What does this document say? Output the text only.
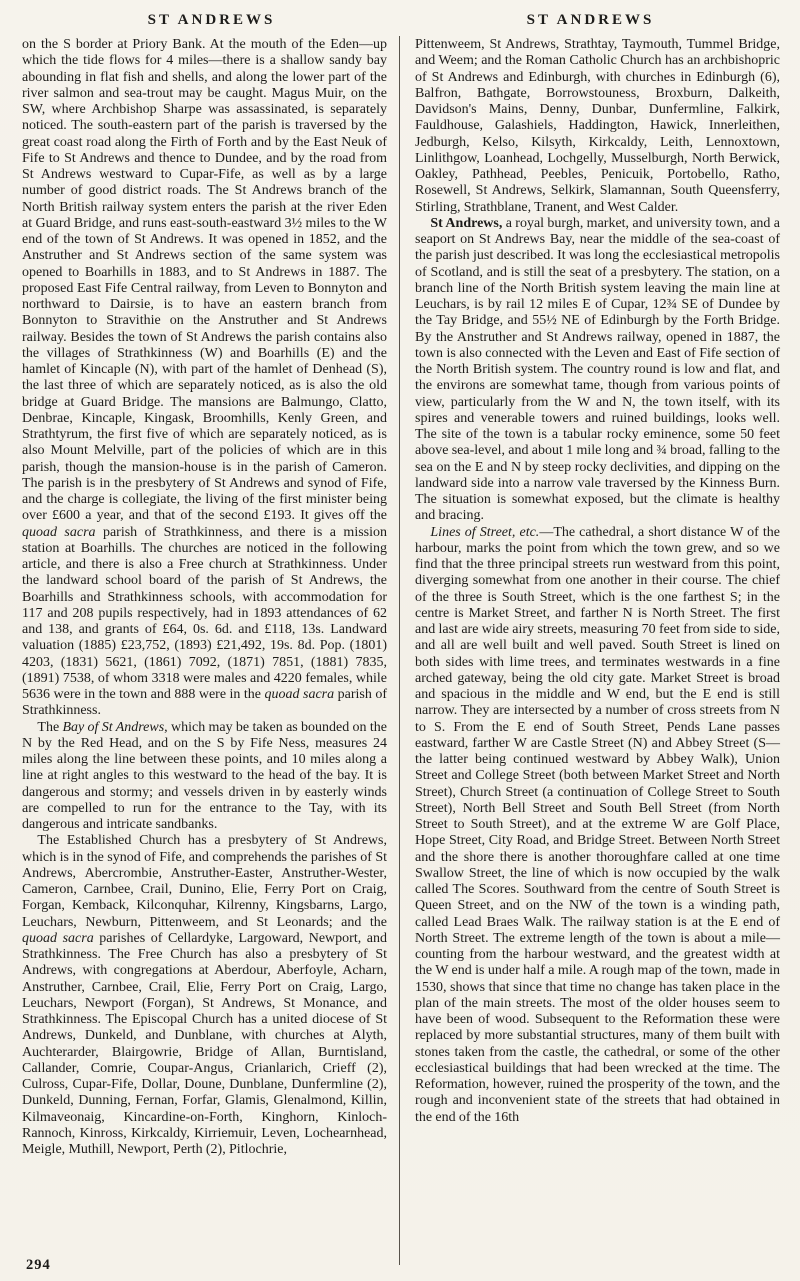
ST ANDREWS	ST ANDREWS

on the S border at Priory Bank. At the mouth of the Eden—up which the tide flows for 4 miles—there is a shallow sandy bay abounding in flat fish and shells, and along the lower part of the river salmon and sea-trout may be caught. Magus Muir, on the SW, where Archbishop Sharpe was assassinated, is separately noticed. The south-eastern part of the parish is traversed by the great coast road along the Firth of Forth and by the East Neuk of Fife to St Andrews and thence to Dundee, and by the road from St Andrews westward to Cupar-Fife, as well as by a large number of good district roads. The St Andrews branch of the North British railway system enters the parish at the river Eden at Guard Bridge, and runs east-south-eastward 3½ miles to the W end of the town of St Andrews. It was opened in 1852, and the Anstruther and St Andrews section of the same system was opened to Boarhills in 1883, and to St Andrews in 1887. The proposed East Fife Central railway, from Leven to Bonnyton and northward to Dairsie, is to have an eastern branch from Bonnyton to Stravithie on the Anstruther and St Andrews railway. Besides the town of St Andrews the parish contains also the villages of Strathkinness (W) and Boarhills (E) and the hamlet of Kincaple (N), with part of the hamlet of Denhead (S), the last three of which are separately noticed, as is also the old bridge at Guard Bridge. The mansions are Balmungo, Clatto, Denbrae, Kincaple, Kingask, Broomhills, Kenly Green, and Strathtyrum, the first five of which are separately noticed, as is also Mount Melville, part of the policies of which are in this parish, though the mansion-house is in the parish of Cameron. The parish is in the presbytery of St Andrews and synod of Fife, and the charge is collegiate, the living of the first minister being over £600 a year, and that of the second £193. It gives off the quoad sacra parish of Strathkinness, and there is a mission station at Boarhills. The churches are noticed in the following article, and there is also a Free church at Strathkinness. Under the landward school board of the parish of St Andrews, the Boarhills and Strathkinness schools, with accommodation for 117 and 208 pupils respectively, had in 1893 attendances of 62 and 138, and grants of £64, 0s. 6d. and £118, 13s. Landward valuation (1885) £23,752, (1893) £21,492, 19s. 8d. Pop. (1801) 4203, (1831) 5621, (1861) 7092, (1871) 7851, (1881) 7835, (1891) 7538, of whom 3318 were males and 4220 females, while 5636 were in the town and 888 were in the quoad sacra parish of Strathkinness.

The Bay of St Andrews, which may be taken as bounded on the N by the Red Head, and on the S by Fife Ness, measures 24 miles along the line between these points, and 10 miles along a line at right angles to this westward to the head of the bay. It is dangerous and stormy; and vessels driven in by easterly winds are compelled to run for the entrance to the Tay, with its dangerous and intricate sandbanks.

The Established Church has a presbytery of St Andrews, which is in the synod of Fife, and comprehends the parishes of St Andrews, Abercrombie, Anstruther-Easter, Anstruther-Wester, Cameron, Carnbee, Crail, Dunino, Elie, Ferry Port on Craig, Forgan, Kemback, Kilconquhar, Kilrenny, Kingsbarns, Largo, Leuchars, Newburn, Pittenweem, and St Leonards; and the quoad sacra parishes of Cellardyke, Largoward, Newport, and Strathkinness. The Free Church has also a presbytery of St Andrews, with congregations at Aberdour, Aberfoyle, Acharn, Anstruther, Carnbee, Crail, Elie, Ferry Port on Craig, Largo, Leuchars, Newport (Forgan), St Andrews, St Monance, and Strathkinness. The Episcopal Church has a united diocese of St Andrews, Dunkeld, and Dunblane, with churches at Alyth, Auchterarder, Blairgowrie, Bridge of Allan, Burntisland, Callander, Comrie, Coupar-Angus, Crianlarich, Crieff (2), Culross, Cupar-Fife, Dollar, Doune, Dunblane, Dunfermline (2), Dunkeld, Dunning, Fernan, Forfar, Glamis, Glenalmond, Killin, Kilmaveonaig, Kincardine-on-Forth, Kinghorn, Kinloch-Rannoch, Kinross, Kirkcaldy, Kirriemuir, Leven, Lochearnhead, Meigle, Muthill, Newport, Perth (2), Pitlochrie,

Pittenweem, St Andrews, Strathtay, Taymouth, Tummel Bridge, and Weem; and the Roman Catholic Church has an archbishopric of St Andrews and Edinburgh, with churches in Edinburgh (6), Balfron, Bathgate, Borrowstouness, Broxburn, Dalkeith, Davidson's Mains, Denny, Dunbar, Dunfermline, Falkirk, Fauldhouse, Galashiels, Haddington, Hawick, Innerleithen, Jedburgh, Kelso, Kilsyth, Kirkcaldy, Leith, Lennoxtown, Linlithgow, Loanhead, Lochgelly, Musselburgh, North Berwick, Oakley, Pathhead, Peebles, Penicuik, Portobello, Ratho, Rosewell, St Andrews, Selkirk, Slamannan, South Queensferry, Stirling, Strathblane, Tranent, and West Calder.

St Andrews, a royal burgh, market, and university town, and a seaport on St Andrews Bay, near the middle of the sea-coast of the parish just described. It was long the ecclesiastical metropolis of Scotland, and is still the seat of a presbytery. The station, on a branch line of the North British system leaving the main line at Leuchars, is by rail 12 miles E of Cupar, 12¾ SE of Dundee by the Tay Bridge, and 55½ NE of Edinburgh by the Forth Bridge. By the Anstruther and St Andrews railway, opened in 1887, the town is also connected with the Leven and East of Fife section of the North British system. The country round is low and flat, and the environs are somewhat tame, though from various points of view, particularly from the W and N, the town itself, with its spires and venerable towers and ruined buildings, looks well. The site of the town is a tabular rocky eminence, some 50 feet above sea-level, and about 1 mile long and ¾ broad, falling to the sea on the E and N by steep rocky declivities, and dipping on the landward side into a narrow vale traversed by the Kinness Burn. The situation is somewhat exposed, but the climate is healthy and bracing.

Lines of Street, etc.—The cathedral, a short distance W of the harbour, marks the point from which the town grew, and so we find that the three principal streets run westward from this point, diverging somewhat from one another in their course. The chief of the three is South Street, which is the one farthest S; in the centre is Market Street, and farther N is North Street. The first and last are wide airy streets, measuring 70 feet from side to side, and all are well built and well paved. South Street is lined on both sides with lime trees, and terminates westwards in a fine arched gateway, being the old city gate. Market Street is broad and spacious in the middle and W end, but the E end is still narrow. They are intersected by a number of cross streets from N to S. From the E end of South Street, Pends Lane passes eastward, farther W are Castle Street (N) and Abbey Street (S—the latter being continued westward by Abbey Walk), Union Street and College Street (both between Market Street and North Street), Church Street (a continuation of College Street to South Street), North Bell Street and South Bell Street (from North Street to South Street), and at the extreme W are Golf Place, Hope Street, City Road, and Bridge Street. Between North Street and the shore there is another thoroughfare called at one time Swallow Street, the line of which is now occupied by the walk called The Scores. Southward from the centre of South Street is Queen Street, and on the NW of the town is a winding path, called Lead Braes Walk. The railway station is at the E end of North Street. The extreme length of the town is about a mile—counting from the harbour westward, and the greatest width at the W end is under half a mile. A rough map of the town, made in 1530, shows that since that time no change has taken place in the plan of the main streets. The most of the older houses seem to have been of wood. Subsequent to the Reformation these were replaced by more substantial structures, many of them built with stones taken from the castle, the cathedral, or some of the other ecclesiastical buildings that had been wrecked at the time. The Reformation, however, ruined the prosperity of the town, and the rough and inconvenient state of the streets that had obtained in the end of the 16th

294
